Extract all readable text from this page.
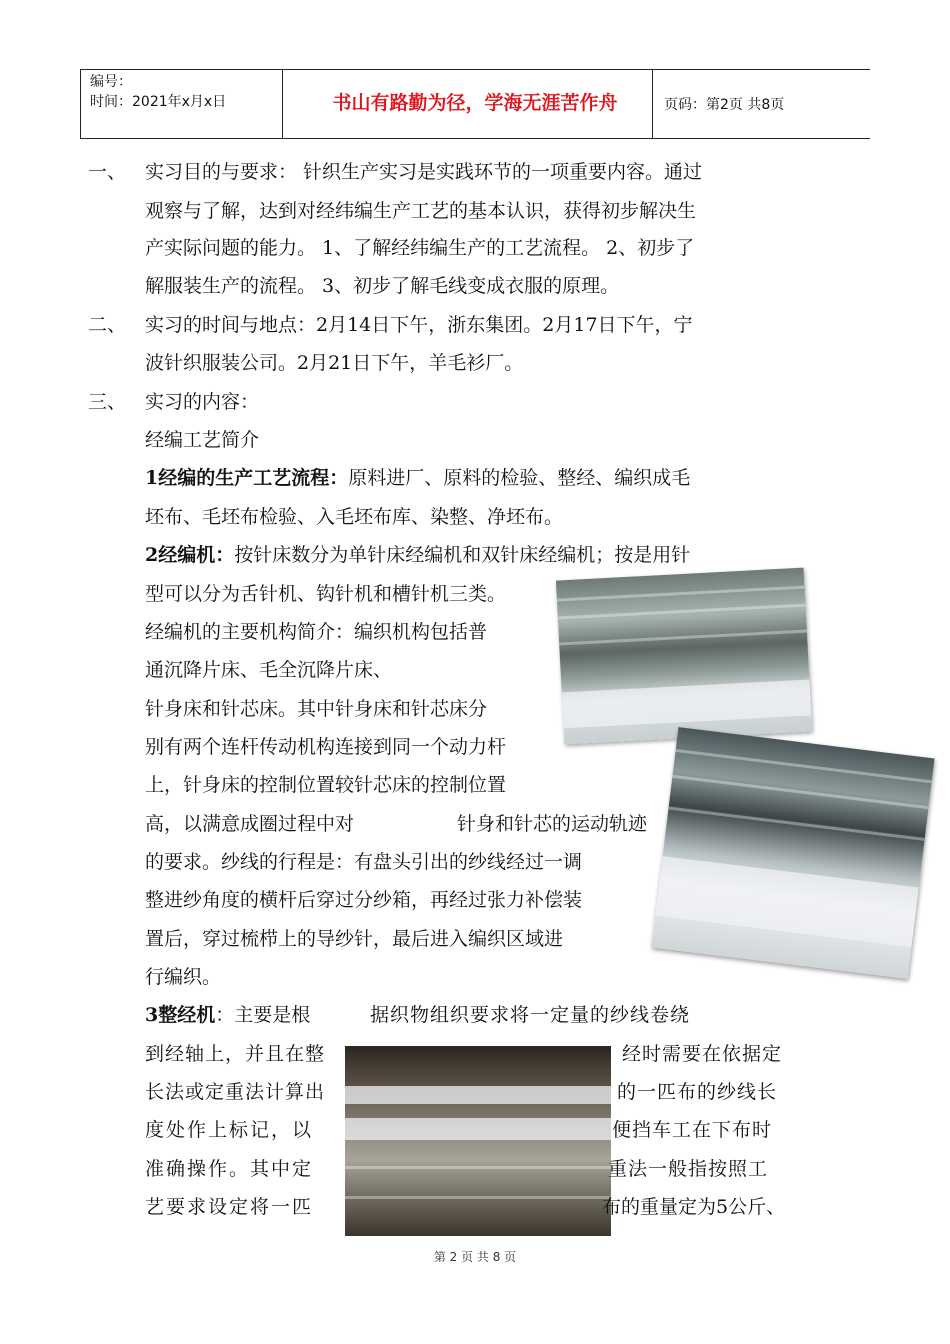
编号：
时间：2021年x月x日	书山有路勤为径，学海无涯苦作舟	页码：第2页 共8页
一、 实习目的与要求： 针织生产实习是实践环节的一项重要内容。通过
观察与了解，达到对经纬编生产工艺的基本认识，获得初步解决生
产实际问题的能力。 1、了解经纬编生产的工艺流程。 2、初步了
解服装生产的流程。 3、初步了解毛线变成衣服的原理。
二、 实习的时间与地点：2月14日下午，浙东集团。2月17日下午，宁
波针织服装公司。2月21日下午，羊毛衫厂。
三、 实习的内容：
经编工艺简介
1经编的生产工艺流程：原料进厂、原料的检验、整经、编织成毛
坯布、毛坯布检验、入毛坯布库、染整、净坯布。
2经编机：按针床数分为单针床经编机和双针床经编机；按是用针
型可以分为舌针机、钩针机和槽针机三类。
经编机的主要机构简介：编织机构包括普
通沉降片床、毛全沉降片床、
针身床和针芯床。其中针身床和针芯床分
别有两个连杆传动机构连接到同一个动力杆
上，针身床的控制位置较针芯床的控制位置
高，以满意成圈过程中对	针身和针芯的运动轨迹
的要求。纱线的行程是：有盘头引出的纱线经过一调
整进纱角度的横杆后穿过分纱箱，再经过张力补偿装
置后，穿过梳栉上的导纱针，最后进入编织区域进
行编织。
3整经机：主要是根	据织物组织要求将一定量的纱线卷绕
到经轴上，并且在整	经时需要在依据定
长法或定重法计算出	的一匹布的纱线长
度处作上标记，以	便挡车工在下布时
准确操作。其中定	重法一般指按照工
艺要求设定将一匹	布的重量定为5公斤、
第 2 页 共 8 页
